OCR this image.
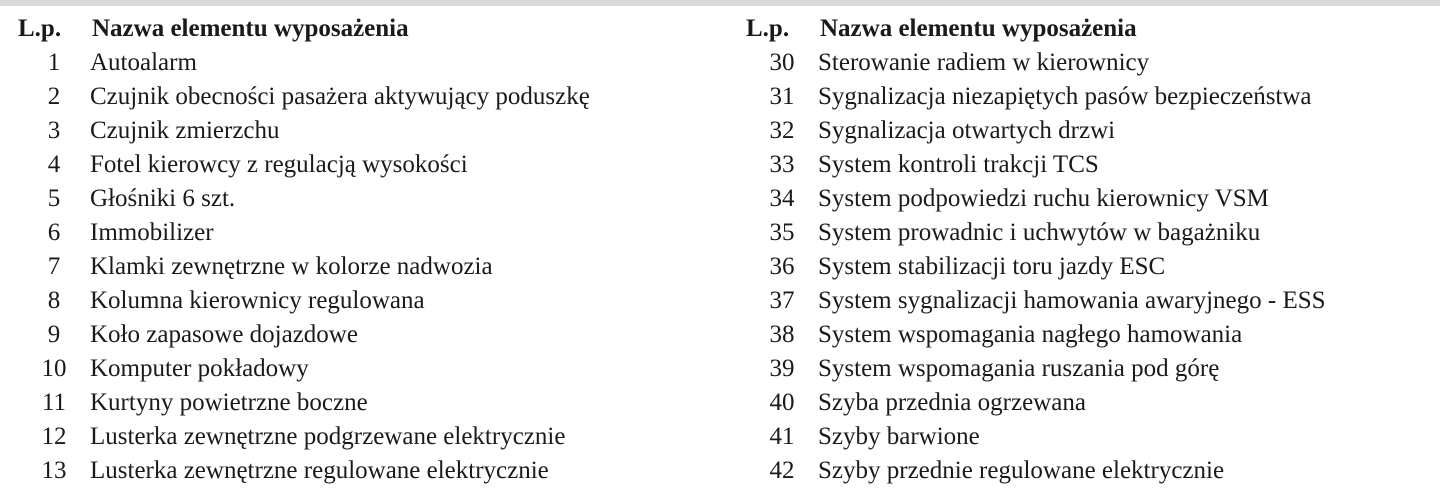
L.p.	Nazwa elementu wyposażenia
1	Autoalarm
2	Czujnik obecności pasażera aktywujący poduszkę
3	Czujnik zmierzchu
4	Fotel kierowcy z regulacją wysokości
5	Głośniki 6 szt.
6	Immobilizer
7	Klamki zewnętrzne w kolorze nadwozia
8	Kolumna kierownicy regulowana
9	Koło zapasowe dojazdowe
10 Komputer pokładowy
11 Kurtyny powietrzne boczne
12 Lusterka zewnętrzne podgrzewane elektrycznie
13 Lusterka zewnętrzne regulowane elektrycznie
L.p.	Nazwa elementu wyposażenia
30 Sterowanie radiem w kierownicy
31 Sygnalizacja niezapiętych pasów bezpieczeństwa
32 Sygnalizacja otwartych drzwi
33 System kontroli trakcji TCS
34 System podpowiedzi ruchu kierownicy VSM
35 System prowadnic i uchwytów w bagażniku
36 System stabilizacji toru jazdy ESC
37 System sygnalizacji hamowania awaryjnego - ESS
38 System wspomagania nagłego hamowania
39 System wspomagania ruszania pod górę
40 Szyba przednia ogrzewana
41 Szyby barwione
42 Szyby przednie regulowane elektrycznie
